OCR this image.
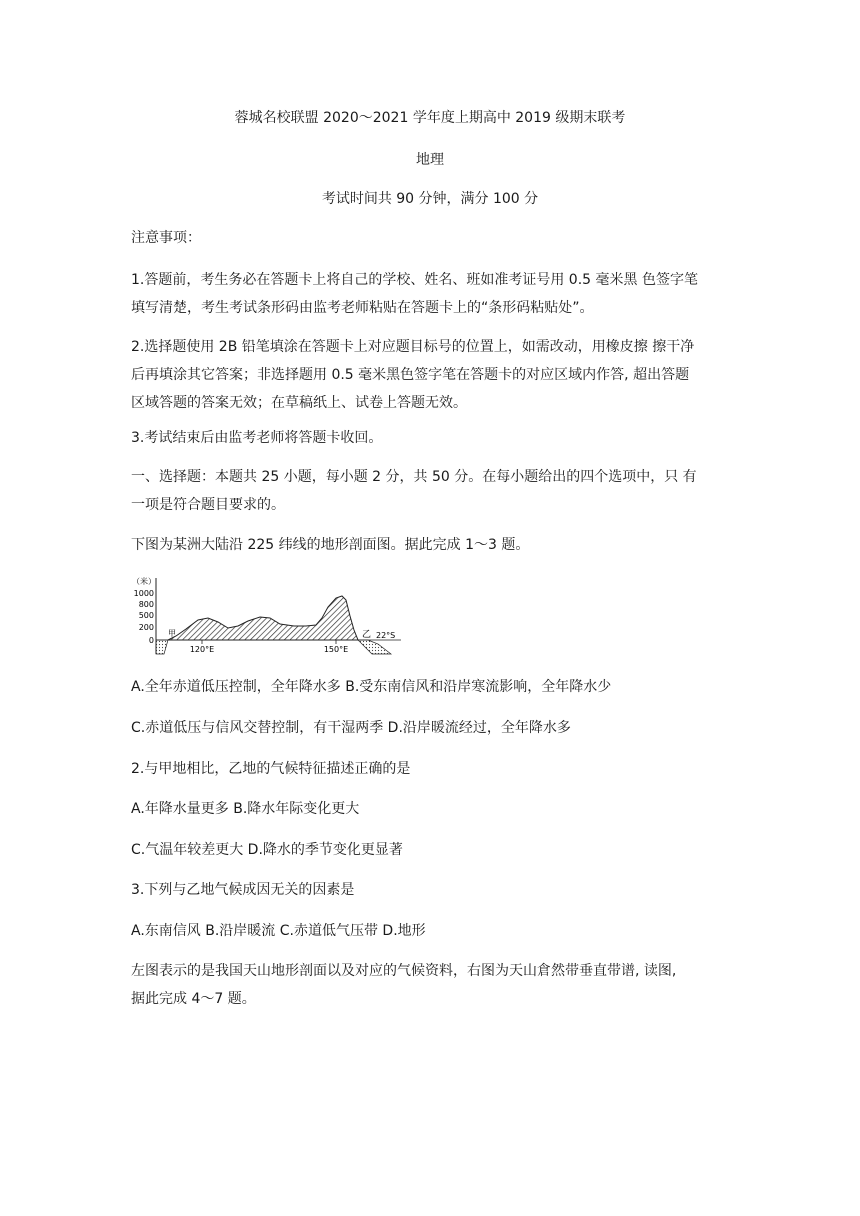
蓉城名校联盟 2020～2021 学年度上期高中 2019 级期末联考
地理
考试时间共 90 分钟，满分 100 分
注意事项：
1.答题前，考生务必在答题卡上将自己的学校、姓名、班如准考证号用 0.5 毫米黑 色签字笔
填写清楚，考生考试条形码由监考老师粘贴在答题卡上的“条形码粘贴处”。
2.选择题使用 2B 铅笔填涂在答题卡上对应题目标号的位置上，如需改动，用橡皮擦 擦干净
后再填涂其它答案；非选择题用 0.5 毫米黑色签字笔在答题卡的对应区域内作答, 超出答题
区域答题的答案无效；在草稿纸上、试卷上答题无效。
3.考试结束后由监考老师将答题卡收回。
一、选择题：本题共 25 小题，每小题 2 分，共 50 分。在每小题给出的四个选项中，只 有
一项是符合题目要求的。
下图为某洲大陆沿 225 纬线的地形剖面图。据此完成 1～3 题。
（米）
1000
800
500
200
0
甲	乙 22°S
120°E	150°E
A.全年赤道低压控制，全年降水多 B.受东南信风和沿岸寒流影响，全年降水少
C.赤道低压与信风交替控制，有干湿两季 D.沿岸暖流经过，全年降水多
2.与甲地相比，乙地的气候特征描述正确的是
A.年降水量更多 B.降水年际变化更大
C.气温年较差更大 D.降水的季节变化更显著
3.下列与乙地气候成因无关的因素是
A.东南信风 B.沿岸暖流 C.赤道低气压带 D.地形
左图表示的是我国天山地形剖面以及对应的气候资料，右图为天山倉然带垂直带谱, 读图,
据此完成 4～7 题。
